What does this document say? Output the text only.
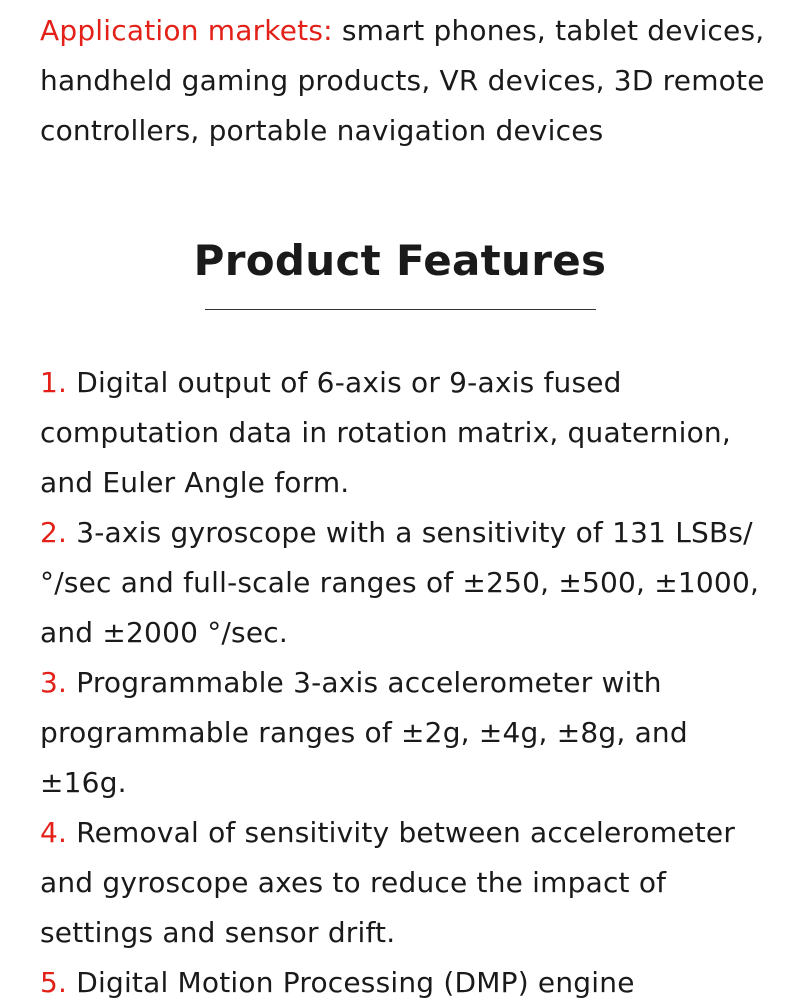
Application markets: smart phones, tablet devices, handheld gaming products, VR devices, 3D remote controllers, portable navigation devices

Product Features
1. Digital output of 6-axis or 9-axis fused computation data in rotation matrix, quaternion, and Euler Angle form.
2. 3-axis gyroscope with a sensitivity of 131 LSBs/°/sec and full-scale ranges of ±250, ±500, ±1000, and ±2000 °/sec.
3. Programmable 3-axis accelerometer with programmable ranges of ±2g, ±4g, ±8g, and ±16g.
4. Removal of sensitivity between accelerometer and gyroscope axes to reduce the impact of settings and sensor drift.
5. Digital Motion Processing (DMP) engine
